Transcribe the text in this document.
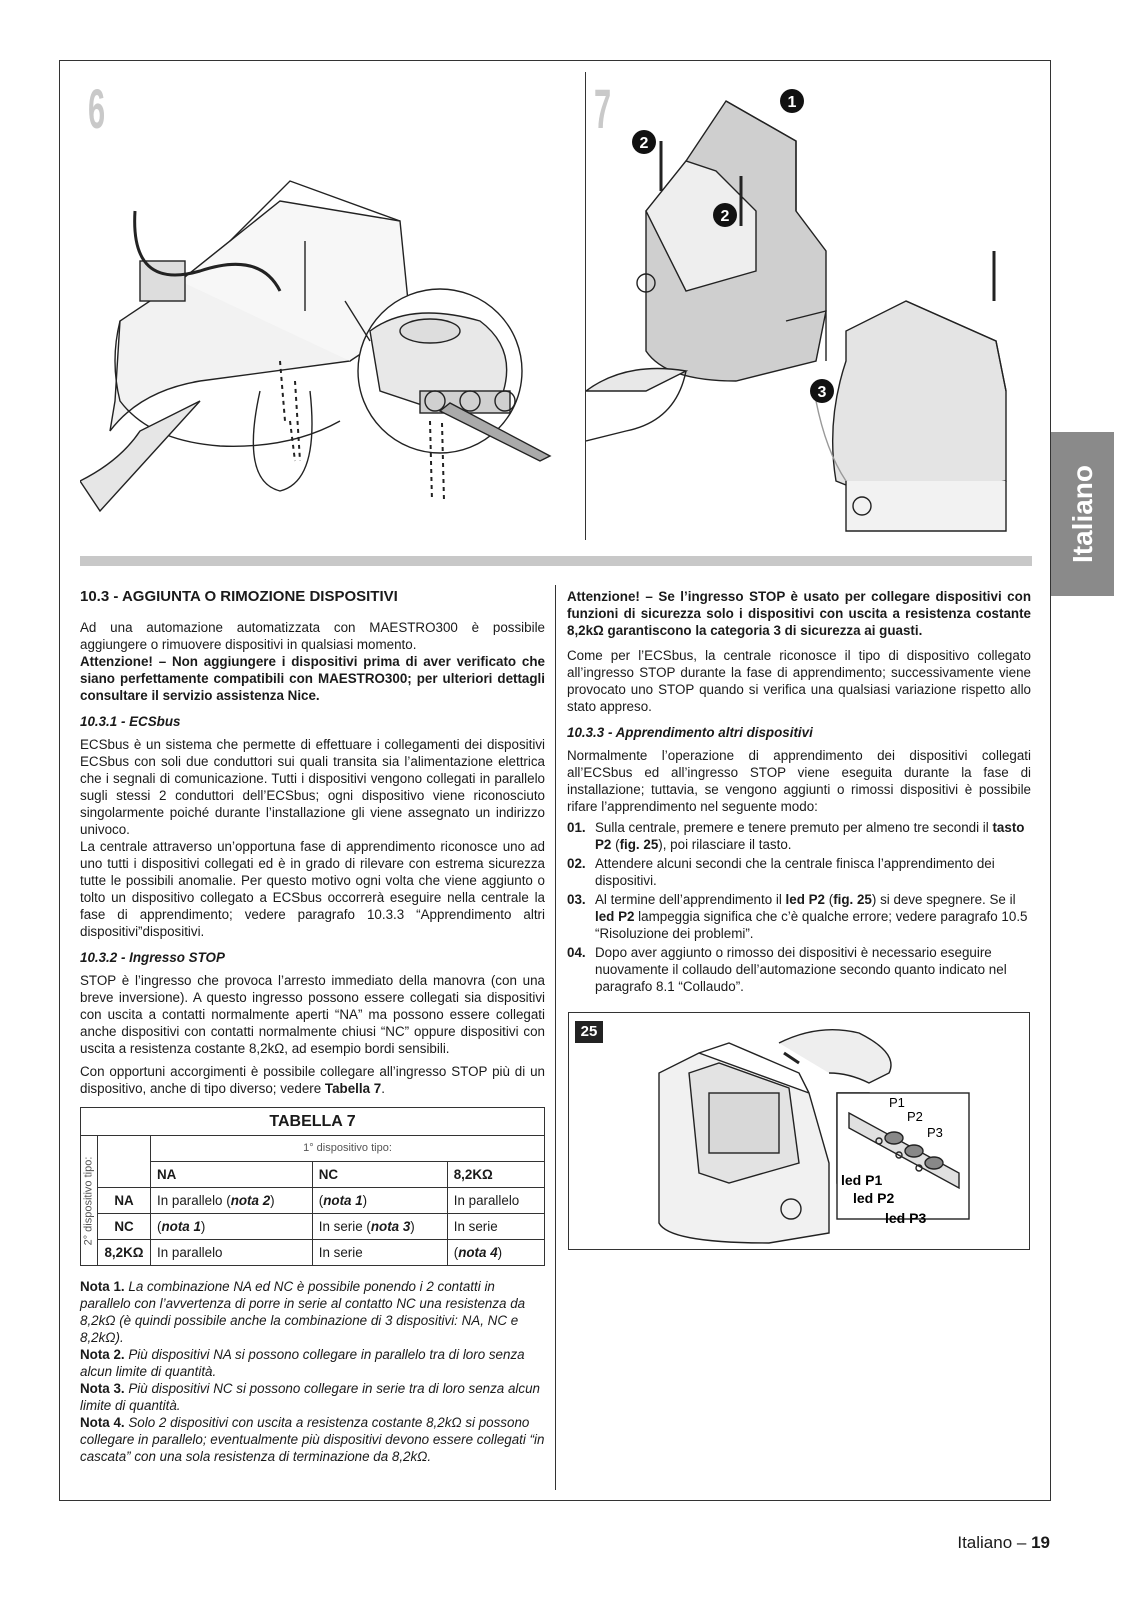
6	7	1
2
2
3
Italiano
10.3 - AGGIUNTA O RIMOZIONE DISPOSITIVI

Ad una automazione automatizzata con MAESTRO300 è possibile aggiungere o rimuovere dispositivi in qualsiasi momento.

Attenzione! – Non aggiungere i dispositivi prima di aver verificato che siano perfettamente compatibili con MAESTRO300; per ulteriori dettagli consultare il servizio assistenza Nice.

10.3.1 - ECSbus

ECSbus è un sistema che permette di effettuare i collegamenti dei dispositivi ECSbus con soli due conduttori sui quali transita sia l’alimentazione elettrica che i segnali di comunicazione. Tutti i dispositivi vengono collegati in parallelo sugli stessi 2 conduttori dell’ECSbus; ogni dispositivo viene riconosciuto singolarmente poiché durante l’installazione gli viene assegnato un indirizzo univoco.

La centrale attraverso un’opportuna fase di apprendimento riconosce uno ad uno tutti i dispositivi collegati ed è in grado di rilevare con estrema sicurezza tutte le possibili anomalie. Per questo motivo ogni volta che viene aggiunto o tolto un dispositivo collegato a ECSbus occorrerà eseguire nella centrale la fase di apprendimento; vedere paragrafo 10.3.3 “Apprendimento altri dispositivi”dispositivi.

10.3.2 - Ingresso STOP

STOP è l’ingresso che provoca l’arresto immediato della manovra (con una breve inversione). A questo ingresso possono essere collegati sia dispositivi con uscita a contatti normalmente aperti “NA” ma possono essere collegati anche dispositivi con contatti normalmente chiusi “NC” oppure dispositivi con uscita a resistenza costante 8,2kΩ, ad esempio bordi sensibili.

Con opportuni accorgimenti è possibile collegare all’ingresso STOP più di un dispositivo, anche di tipo diverso; vedere Tabella 7.

TABELLA 7				

2° dispositivo tipo:		1° dispositivo tipo:		
		NA	NC	8,2KΩ
	NA	In parallelo (nota 2)	(nota 1)	In parallelo
	NC	(nota 1)	In serie (nota 3)	In serie
	8,2KΩ	In parallelo	In serie	(nota 4)

Nota 1. La combinazione NA ed NC è possibile ponendo i 2 contatti in parallelo con l’avvertenza di porre in serie al contatto NC una resistenza da 8,2kΩ (è quindi possibile anche la combinazione di 3 dispositivi: NA, NC e 8,2kΩ).

Nota 2. Più dispositivi NA si possono collegare in parallelo tra di loro senza alcun limite di quantità.

Nota 3. Più dispositivi NC si possono collegare in serie tra di loro senza alcun limite di quantità.

Nota 4. Solo 2 dispositivi con uscita a resistenza costante 8,2kΩ si possono collegare in parallelo; eventualmente più dispositivi devono essere collegati “in cascata” con una sola resistenza di terminazione da 8,2kΩ.

Attenzione! – Se l’ingresso STOP è usato per collegare dispositivi con funzioni di sicurezza solo i dispositivi con uscita a resistenza costante 8,2kΩ garantiscono la categoria 3 di sicurezza ai guasti.

Come per l’ECSbus, la centrale riconosce il tipo di dispositivo collegato all’ingresso STOP durante la fase di apprendimento; successivamente viene provocato uno STOP quando si verifica una qualsiasi variazione rispetto allo stato appreso.

10.3.3 - Apprendimento altri dispositivi

Normalmente l’operazione di apprendimento dei dispositivi collegati all’ECSbus ed all’ingresso STOP viene eseguita durante la fase di installazione; tuttavia, se vengono aggiunti o rimossi dispositivi è possibile rifare l’apprendimento nel seguente modo:

01. Sulla centrale, premere e tenere premuto per almeno tre secondi il tasto P2 (fig. 25), poi rilasciare il tasto.
02. Attendere alcuni secondi che la centrale finisca l’apprendimento dei dispositivi.
03. Al termine dell’apprendimento il led P2 (fig. 25) si deve spegnere. Se il led P2 lampeggia significa che c’è qualche errore; vedere paragrafo 10.5 “Risoluzione dei problemi”.
04. Dopo aver aggiunto o rimosso dei dispositivi è necessario eseguire nuovamente il collaudo dell’automazione secondo quanto indicato nel paragrafo 8.1 “Collaudo”.
25
P1
P2
P3
led P1
led P2
led P3
Italiano – 19
